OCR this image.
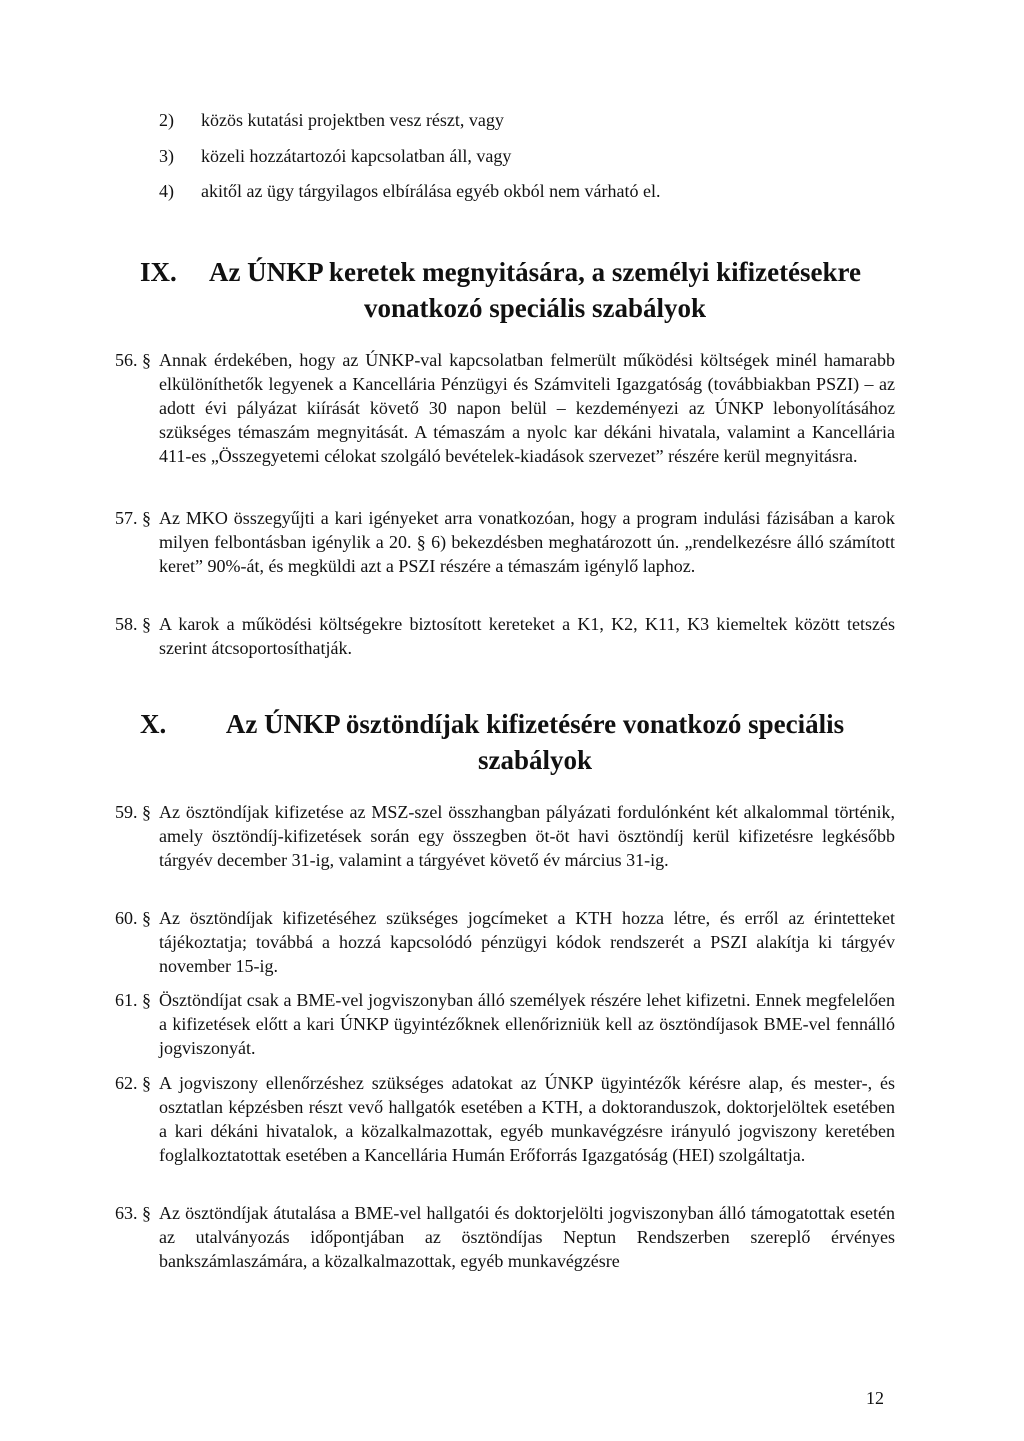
2) közös kutatási projektben vesz részt, vagy
3) közeli hozzátartozói kapcsolatban áll, vagy
4) akitől az ügy tárgyilagos elbírálása egyéb okból nem várható el.
IX.	Az ÚNKP keretek megnyitására, a személyi kifizetésekre vonatkozó speciális szabályok
56. § Annak érdekében, hogy az ÚNKP-val kapcsolatban felmerült működési költségek minél hamarabb elkülöníthetők legyenek a Kancellária Pénzügyi és Számviteli Igazgatóság (továbbiakban PSZI) – az adott évi pályázat kiírását követő 30 napon belül – kezdeményezi az ÚNKP lebonyolításához szükséges témaszám megnyitását. A témaszám a nyolc kar dékáni hivatala, valamint a Kancellária 411-es „Összegyetemi célokat szolgáló bevételek-kiadások szervezet” részére kerül megnyitásra.
57. § Az MKO összegyűjti a kari igényeket arra vonatkozóan, hogy a program indulási fázisában a karok milyen felbontásban igénylik a 20. § 6) bekezdésben meghatározott ún. „rendelkezésre álló számított keret” 90%-át, és megküldi azt a PSZI részére a témaszám igénylő laphoz.
58. § A karok a működési költségekre biztosított kereteket a K1, K2, K11, K3 kiemeltek között tetszés szerint átcsoportosíthatják.
X.	Az ÚNKP ösztöndíjak kifizetésére vonatkozó speciális szabályok
59. § Az ösztöndíjak kifizetése az MSZ-szel összhangban pályázati fordulónként két alkalommal történik, amely ösztöndíj-kifizetések során egy összegben öt-öt havi ösztöndíj kerül kifizetésre legkésőbb tárgyév december 31-ig, valamint a tárgyévet követő év március 31-ig.
60. § Az ösztöndíjak kifizetéséhez szükséges jogcímeket a KTH hozza létre, és erről az érintetteket tájékoztatja; továbbá a hozzá kapcsolódó pénzügyi kódok rendszerét a PSZI alakítja ki tárgyév november 15-ig.
61. § Ösztöndíjat csak a BME-vel jogviszonyban álló személyek részére lehet kifizetni. Ennek megfelelően a kifizetések előtt a kari ÚNKP ügyintézőknek ellenőrizniük kell az ösztöndíjasok BME-vel fennálló jogviszonyát.
62. § A jogviszony ellenőrzéshez szükséges adatokat az ÚNKP ügyintézők kérésre alap, és mester-, és osztatlan képzésben részt vevő hallgatók esetében a KTH, a doktoranduszok, doktorjelöltek esetében a kari dékáni hivatalok, a közalkalmazottak, egyéb munkavégzésre irányuló jogviszony keretében foglalkoztatottak esetében a Kancellária Humán Erőforrás Igazgatóság (HEI) szolgáltatja.
63. § Az ösztöndíjak átutalása a BME-vel hallgatói és doktorjelölti jogviszonyban álló támogatottak esetén az utalványozás időpontjában az ösztöndíjas Neptun Rendszerben szereplő érvényes bankszámlaszámára, a közalkalmazottak, egyéb munkavégzésre
12
